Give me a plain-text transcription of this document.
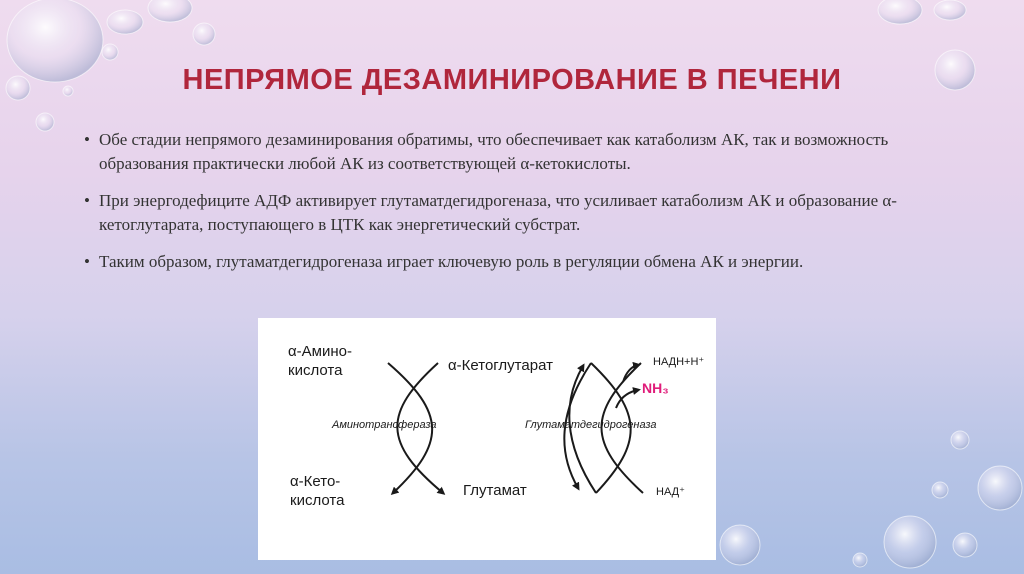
НЕПРЯМОЕ ДЕЗАМИНИРОВАНИЕ В ПЕЧЕНИ
• Обе стадии непрямого дезаминирования обратимы, что обеспечивает как катаболизм АК, так и возможность образования практически любой АК из соответствующей α-кетокислоты.
• При энергодефиците АДФ активирует глутаматдегидрогеназа, что усиливает катаболизм АК и образование α-кетоглутарата, поступающего в ЦТК как энергетический субстрат.
• Таким образом, глутаматдегидрогеназа играет ключевую роль в регуляции обмена АК и энергии.
α-Амино-
кислота	α-Кетоглутарат	НАДН+Н⁺
NH₃
Аминотрансфераза	Глутаматдегидрогеназа
α-Кето-
кислота
Глутамат	НАД⁺
